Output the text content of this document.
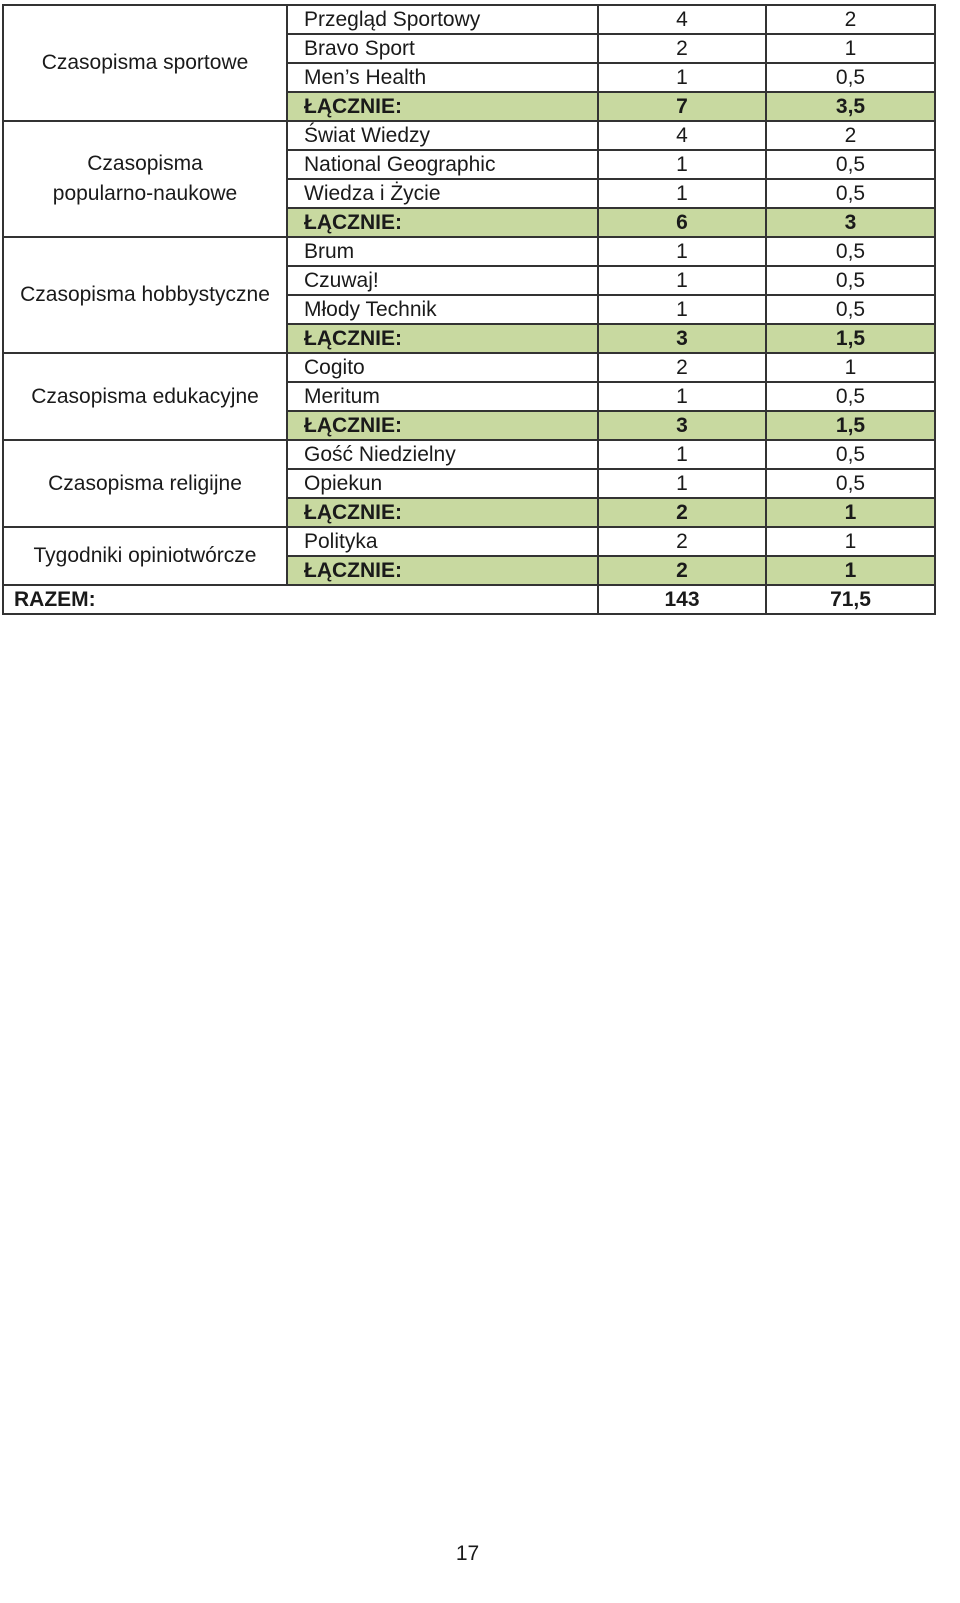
Czasopisma sportowe	Przegląd Sportowy	4	2
	Bravo Sport	2	1
	Men’s Health	1	0,5
	ŁĄCZNIE:	7	3,5
Czasopisma popularno-naukowe	Świat Wiedzy	4	2
	National Geographic	1	0,5
	Wiedza i Życie	1	0,5
	ŁĄCZNIE:	6	3
Czasopisma hobbystyczne	Brum	1	0,5
	Czuwaj!	1	0,5
	Młody Technik	1	0,5
	ŁĄCZNIE:	3	1,5
Czasopisma edukacyjne	Cogito	2	1
	Meritum	1	0,5
	ŁĄCZNIE:	3	1,5
Czasopisma religijne	Gość Niedzielny	1	0,5
	Opiekun	1	0,5
	ŁĄCZNIE:	2	1
Tygodniki opiniotwórcze	Polityka	2	1
	ŁĄCZNIE:	2	1
RAZEM:		143	71,5
17
